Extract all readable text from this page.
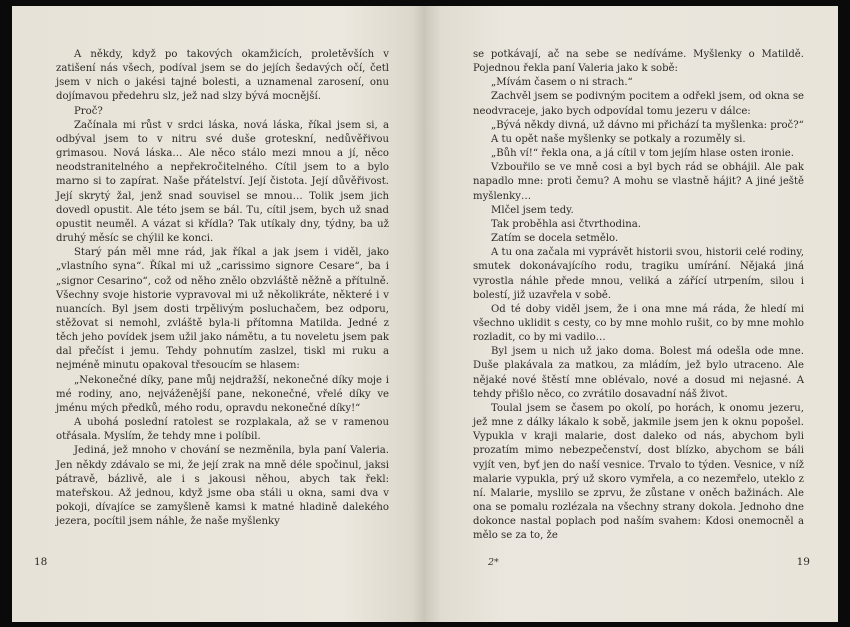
A někdy, když po takových okamžicích, proletěvších v zatišení nás všech, podíval jsem se do jejích šedavých očí, četl jsem v nich o jakési tajné bolesti, a uznamenal zarosení, onu dojímavou předehru slz, jež nad slzy bývá mocnější.

Proč?

Začínala mi růst v srdci láska, nová láska, říkal jsem si, a odbýval jsem to v nitru své duše groteskní, nedůvěřivou grimasou. Nová láska… Ale něco stálo mezi mnou a jí, něco neodstranitelného a nepřekročitelného. Cítil jsem to a bylo marno si to zapírat. Naše přátelství. Její čistota. Její důvěřivost. Její skrytý žal, jenž snad souvisel se mnou… Tolik jsem jich dovedl opustit. Ale této jsem se bál. Tu, cítil jsem, bych už snad opustit neuměl. A vázat si křídla? Tak utíkaly dny, týdny, ba už druhý měsíc se chýlil ke konci.

Starý pán měl mne rád, jak říkal a jak jsem i viděl, jako „vlastního syna“. Říkal mi už „carissimo signore Cesare“, ba i „signor Cesarino“, což od něho znělo obzvláště něžně a přítulně. Všechny svoje historie vypravoval mi už několikráte, některé i v nuancích. Byl jsem dosti trpělivým posluchačem, bez odporu, stěžovat si nemohl, zvláště byla-li přítomna Matilda. Jedné z těch jeho povídek jsem užil jako námětu, a tu noveletu jsem pak dal přečíst i jemu. Tehdy pohnutím zaslzel, tiskl mi ruku a nejméně minutu opakoval třesoucím se hlasem:

„Nekonečné díky, pane můj nejdražší, nekonečné díky moje i mé rodiny, ano, nejváženější pane, nekonečné, vřelé díky ve jménu mých předků, mého rodu, opravdu nekonečné díky!“

A ubohá poslední ratolest se rozplakala, až se v ramenou otřásala. Myslím, že tehdy mne i políbil.

Jediná, jež mnoho v chování se nezměnila, byla paní Valeria. Jen někdy zdávalo se mi, že její zrak na mně déle spočinul, jaksi pátravě, bázlivě, ale i s jakousi něhou, abych tak řekl: mateřskou. Až jednou, když jsme oba stáli u okna, sami dva v pokoji, dívajíce se zamyšleně kamsi k matné hladině dalekého jezera, pocítil jsem náhle, že naše myšlenky

18

se potkávají, ač na sebe se nedíváme. Myšlenky o Matildě. Pojednou řekla paní Valeria jako k sobě:

„Mívám časem o ni strach.“

Zachvěl jsem se podivným pocitem a odřekl jsem, od okna se neodvraceje, jako bych odpovídal tomu jezeru v dálce:

„Bývá někdy divná, už dávno mi přichází ta myšlenka: proč?“

A tu opět naše myšlenky se potkaly a rozuměly si.

„Bůh ví!“ řekla ona, a já cítil v tom jejím hlase osten ironie.

Vzbouřilo se ve mně cosi a byl bych rád se obhájil. Ale pak napadlo mne: proti čemu? A mohu se vlastně hájit? A jiné ještě myšlenky…

Mlčel jsem tedy.

Tak proběhla asi čtvrthodina.

Zatím se docela setmělo.

A tu ona začala mi vyprávět historii svou, historii celé rodiny, smutek dokonávajícího rodu, tragiku umírání. Nějaká jiná vyrostla náhle přede mnou, veliká a zářící utrpením, silou i bolestí, již uzavřela v sobě.

Od té doby viděl jsem, že i ona mne má ráda, že hledí mi všechno uklidit s cesty, co by mne mohlo rušit, co by mne mohlo rozladit, co by mi vadilo…

Byl jsem u nich už jako doma. Bolest má odešla ode mne. Duše plakávala za matkou, za mládím, jež bylo utraceno. Ale nějaké nové štěstí mne oblévalo, nové a dosud mi nejasné. A tehdy přišlo něco, co zvrátilo dosavadní náš život.

Toulal jsem se časem po okolí, po horách, k onomu jezeru, jež mne z dálky lákalo k sobě, jakmile jsem jen k oknu popošel. Vypukla v kraji malarie, dost daleko od nás, abychom byli prozatím mimo nebezpečenství, dost blízko, abychom se báli vyjít ven, byť jen do naší vesnice. Trvalo to týden. Vesnice, v níž malarie vypukla, prý už skoro vymřela, a co nezemřelo, uteklo z ní. Malarie, myslilo se zprvu, že zůstane v oněch bažinách. Ale ona se pomalu rozlézala na všechny strany dokola. Jednoho dne dokonce nastal poplach pod naším svahem: Kdosi onemocněl a mělo se za to, že

2*	19
